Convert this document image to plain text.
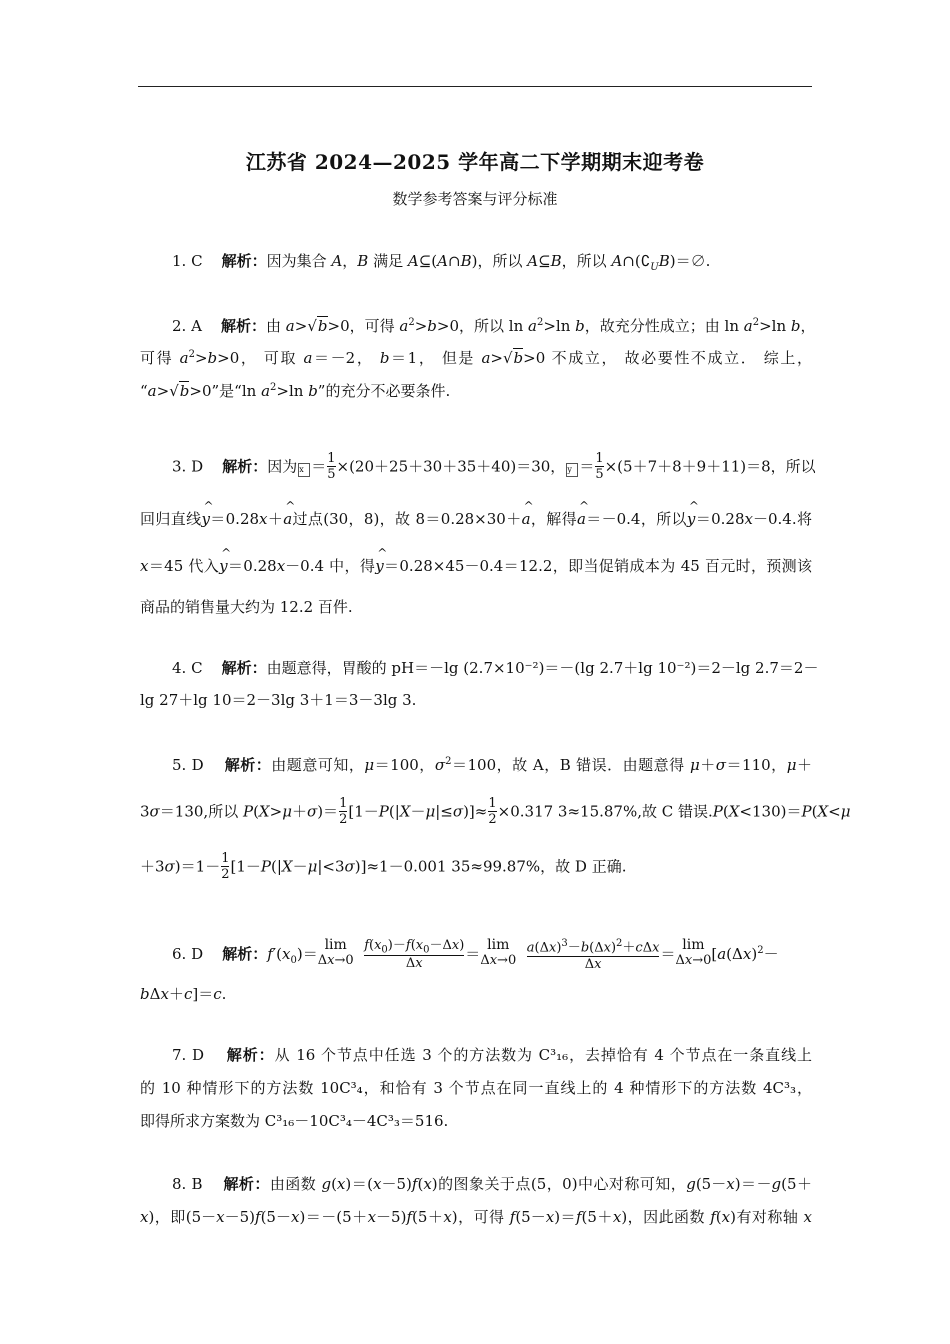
江苏省 2024—2025 学年高二下学期期末迎考卷
数学参考答案与评分标准
1. C 解析：因为集合 A，B 满足 A⊆(A∩B)，所以 A⊆B，所以 $A\cap(∁_UB)=\emptyset$.
2. A 解析：由 a>√b>0，可得 $a^2>b>0$，所以 $\ln a^2>\ln$ b，故充分性成立；由 $\ln a^2>\ln$ b，
可得 $a^2>b>0$， 可取 a＝－2， b＝1， 但是 a>√b>0 不成立， 故必要性不成立． 综上，
“a>√b>0”是“ln $a^2>\ln$ b”的充分不必要条件.
3. D 解析：因为 $x = \frac{1}{5} \times(20+25+30+35+40)=30$， $y = \frac{1}{5} \times(5+7+8+9+11)=8$，所以
回归直线^ y＝0.28x＋^ a过点(30，8)，故 8＝0.28×30＋^ a，解得^ a＝－0.4，所以^ y＝0.28x－0.4.将
x＝45 代入^ y＝0.28x－0.4 中，得^ y＝0.28×45－0.4＝12.2，即当促销成本为 45 百元时，预测该
商品的销售量大约为 12.2 百件.
4. C 解析：由题意得，胃酸的 pH＝－lg (2.7×10⁻²)＝－(lg 2.7＋lg 10⁻²)＝2－lg 2.7＝2－
lg 27＋lg 10＝2－3lg 3＋1＝3－3lg 3.
5. D 解析：由题意可知，μ＝100，$\sigma^2=100$，故 A，B 错误．由题意得 μ＋σ＝110，μ＋
3σ＝130,所以 $P(X>\mu+\sigma)= \frac{1}{2} [1-P(|X-\mu|\le\sigma)]\approx \frac{1}{2} \times 0.317$ 3≈15.87%,故 C 错误.P(X<130)＝P(X<μ
$+3\sigma)=1- \frac{1}{2} [1-P(|X-\mu|<3\sigma)]\approx 1-0.001$ 35≈99.87%，故 D 正确.
6. D 解析：$f'(x_0)= \lim$
Δx→0
$\frac{f(x_0)-f(x_0-\Delta x)}{\Delta x} = \lim$
Δx→0
$\frac{a(\Delta x)^3-b(\Delta x)^2+c\Delta x}{\Delta x} = \lim$
Δx→0 [$a(\Delta x)^2-$
bΔx＋c]＝c.
7. D 解析：从 16 个节点中任选 3 个的方法数为 C³₁₆，去掉恰有 4 个节点在一条直线上
的 10 种情形下的方法数 10C³₄，和恰有 3 个节点在同一直线上的 4 种情形下的方法数 4C³₃，
即得所求方案数为 C³₁₆－10C³₄－4C³₃＝516.
8. B 解析：由函数 g(x)＝(x－5)f(x)的图象关于点(5，0)中心对称可知，g(5－x)＝－g(5＋
x)，即(5－x－5)f(5－x)＝－(5＋x－5)f(5＋x)，可得 f(5－x)＝f(5＋x)，因此函数 f(x)有对称轴 x
